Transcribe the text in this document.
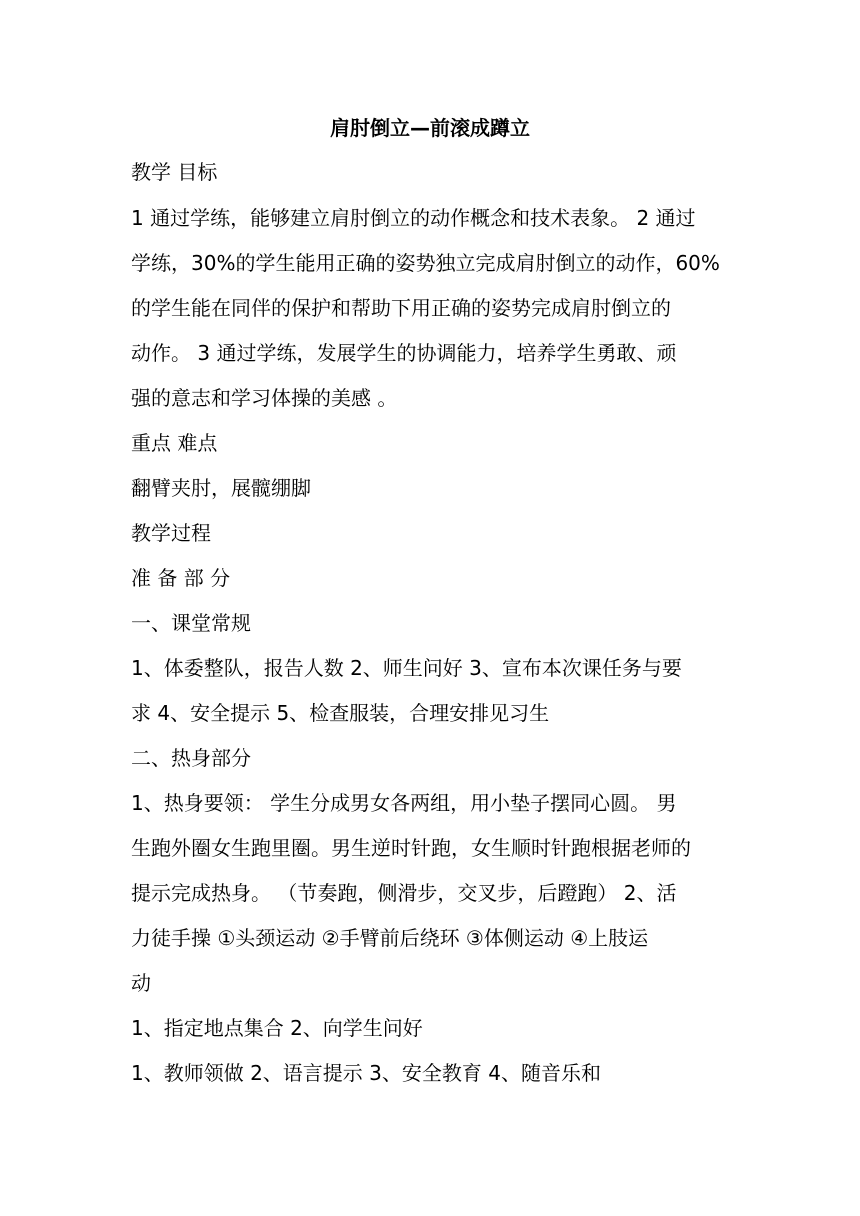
肩肘倒立—前滚成蹲立
教学 目标
1 通过学练，能够建立肩肘倒立的动作概念和技术表象。 2 通过
学练，30%的学生能用正确的姿势独立完成肩肘倒立的动作，60%
的学生能在同伴的保护和帮助下用正确的姿势完成肩肘倒立的
动作。 3 通过学练，发展学生的协调能力，培养学生勇敢、顽
强的意志和学习体操的美感 。
重点 难点
翻臂夹肘，展髋绷脚
教学过程
准 备 部 分
一、课堂常规
1、体委整队，报告人数 2、师生问好 3、宣布本次课任务与要
求 4、安全提示 5、检查服装，合理安排见习生
二、热身部分
1、热身要领： 学生分成男女各两组，用小垫子摆同心圆。 男
生跑外圈女生跑里圈。男生逆时针跑，女生顺时针跑根据老师的
提示完成热身。 （节奏跑，侧滑步，交叉步，后蹬跑） 2、活
力徒手操 ①头颈运动 ②手臂前后绕环 ③体侧运动 ④上肢运
动
1、指定地点集合 2、向学生问好
1、教师领做 2、语言提示 3、安全教育 4、随音乐和
